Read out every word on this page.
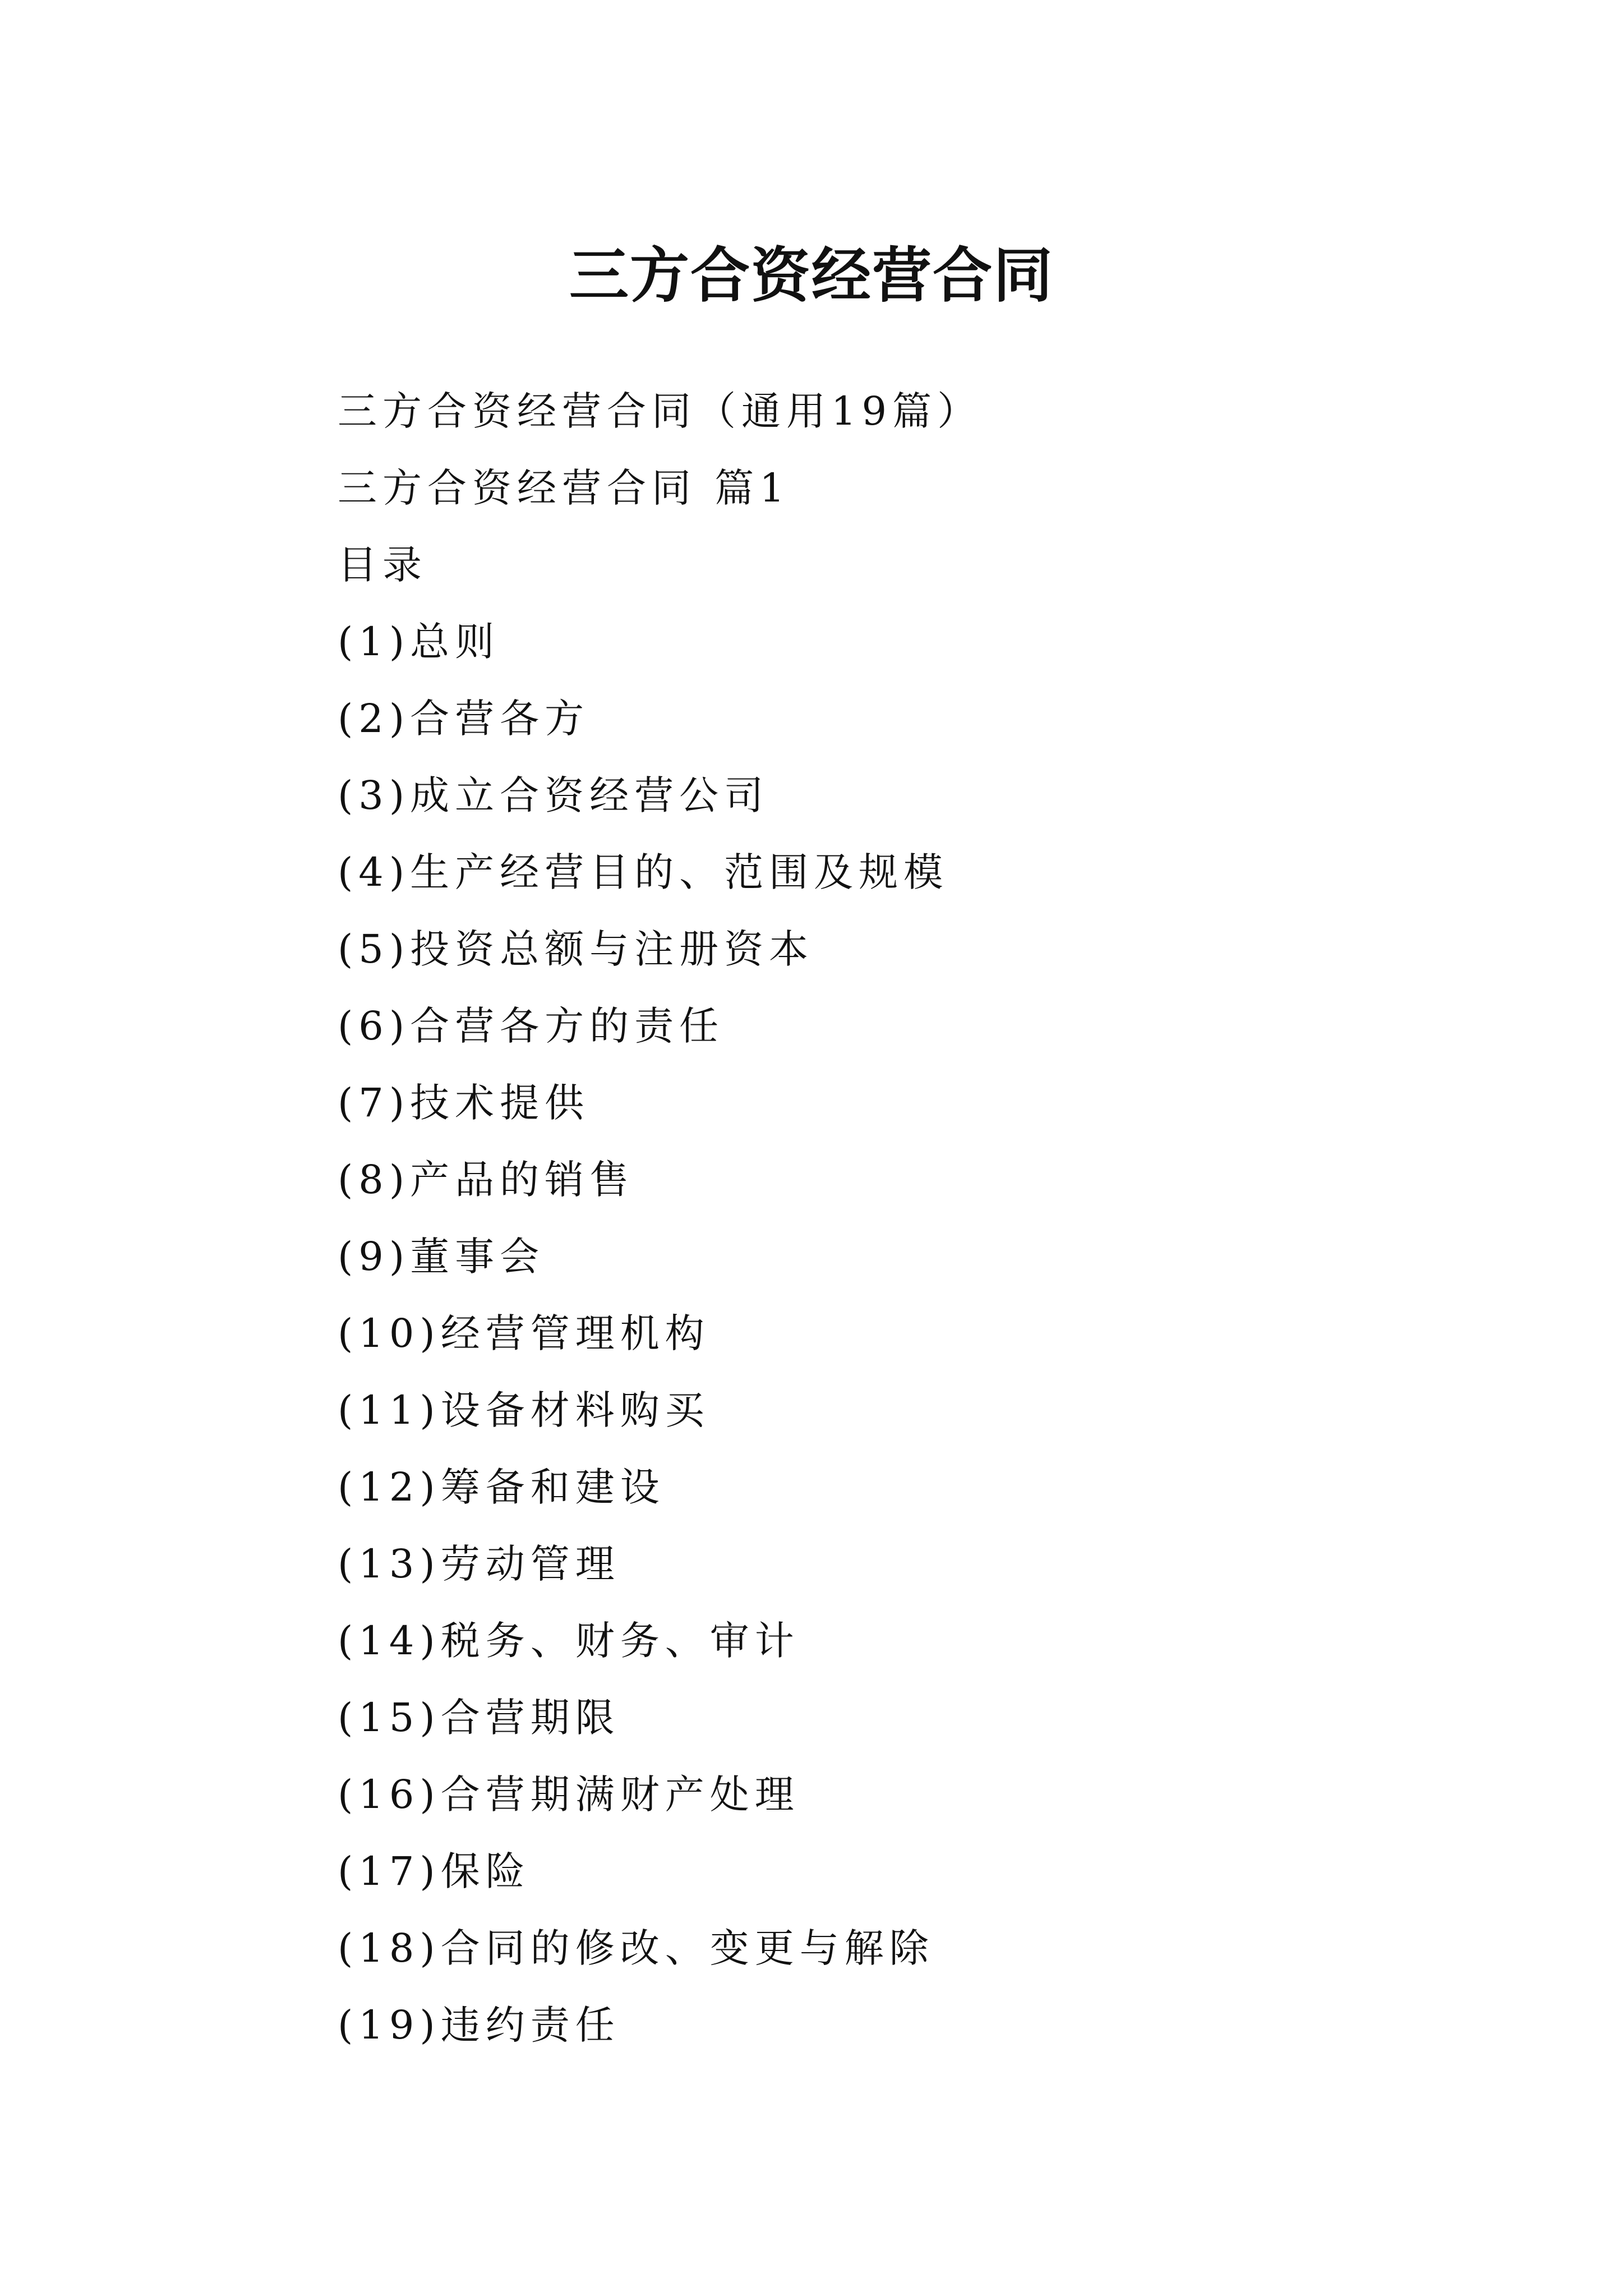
三方合资经营合同
三方合资经营合同（通用19篇）
三方合资经营合同 篇1
目录
(1)总则
(2)合营各方
(3)成立合资经营公司
(4)生产经营目的、范围及规模
(5)投资总额与注册资本
(6)合营各方的责任
(7)技术提供
(8)产品的销售
(9)董事会
(10)经营管理机构
(11)设备材料购买
(12)筹备和建设
(13)劳动管理
(14)税务、财务、审计
(15)合营期限
(16)合营期满财产处理
(17)保险
(18)合同的修改、变更与解除
(19)违约责任
